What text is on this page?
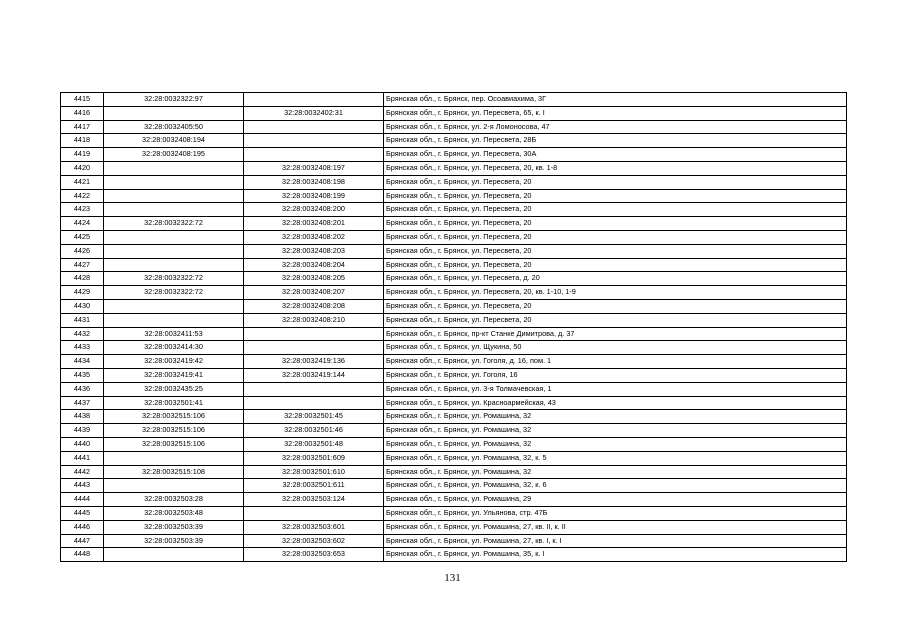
4415	32:28:0032322:97		Брянская обл., г. Брянск, пер. Осоавиахима, 3Г
4416		32:28:0032402:31	Брянская обл., г. Брянск, ул. Пересвета, 65, к. I
4417	32:28:0032405:50		Брянская обл., г. Брянск, ул. 2-я Ломоносова, 47
4418	32:28:0032408:194		Брянская обл., г. Брянск, ул. Пересвета, 28Б
4419	32:28:0032408:195		Брянская обл., г. Брянск, ул. Пересвета, 30А
4420		32:28:0032408:197	Брянская обл., г. Брянск, ул. Пересвета, 20, кв. 1-8
4421		32:28:0032408:198	Брянская обл., г. Брянск, ул. Пересвета, 20
4422		32:28:0032408:199	Брянская обл., г. Брянск, ул. Пересвета, 20
4423		32:28:0032408:200	Брянская обл., г. Брянск, ул. Пересвета, 20
4424	32:28:0032322:72	32:28:0032408:201	Брянская обл., г. Брянск, ул. Пересвета, 20
4425		32:28:0032408:202	Брянская обл., г. Брянск, ул. Пересвета, 20
4426		32:28:0032408:203	Брянская обл., г. Брянск, ул. Пересвета, 20
4427		32:28:0032408:204	Брянская обл., г. Брянск, ул. Пересвета, 20
4428	32:28:0032322:72	32:28:0032408:205	Брянская обл., г. Брянск, ул. Пересвета, д. 20
4429	32:28:0032322:72	32:28:0032408:207	Брянская обл., г. Брянск, ул. Пересвета, 20, кв. 1-10, 1-9
4430		32:28:0032408:208	Брянская обл., г. Брянск, ул. Пересвета, 20
4431		32:28:0032408:210	Брянская обл., г. Брянск, ул. Пересвета, 20
4432	32:28:0032411:53		Брянская обл., г. Брянск, пр-кт Станке Димитрова, д. 37
4433	32:28:0032414:30		Брянская обл., г. Брянск, ул. Щукина, 50
4434	32:28:0032419:42	32:28:0032419:136	Брянская обл., г. Брянск, ул. Гоголя, д. 16, пом. 1
4435	32:28:0032419:41	32:28:0032419:144	Брянская обл., г. Брянск, ул. Гоголя, 16
4436	32:28:0032435:25		Брянская обл., г. Брянск, ул. 3-я Толмачевская, 1
4437	32:28:0032501:41		Брянская обл., г. Брянск, ул. Красноармейская, 43
4438	32:28:0032515:106	32:28:0032501:45	Брянская обл., г. Брянск, ул. Ромашина, 32
4439	32:28:0032515:106	32:28:0032501:46	Брянская обл., г. Брянск, ул. Ромашина, 32
4440	32:28:0032515:106	32:28:0032501:48	Брянская обл., г. Брянск, ул. Ромашина, 32
4441		32:28:0032501:609	Брянская обл., г. Брянск, ул. Ромашина, 32, к. 5
4442	32:28:0032515:108	32:28:0032501:610	Брянская обл., г. Брянск, ул. Ромашина, 32
4443		32:28:0032501:611	Брянская обл., г. Брянск, ул. Ромашина, 32, к. 6
4444	32:28:0032503:28	32:28:0032503:124	Брянская обл., г. Брянск, ул. Ромашина, 29
4445	32:28:0032503:48		Брянская обл., г. Брянск, ул. Ульянова, стр. 47Б
4446	32:28:0032503:39	32:28:0032503:601	Брянская обл., г. Брянск, ул. Ромашина, 27, кв. II, к. II
4447	32:28:0032503:39	32:28:0032503:602	Брянская обл., г. Брянск, ул. Ромашина, 27, кв. I, к. I
4448		32:28:0032503:653	Брянская обл., г. Брянск, ул. Ромашина, 35, к. I
131
